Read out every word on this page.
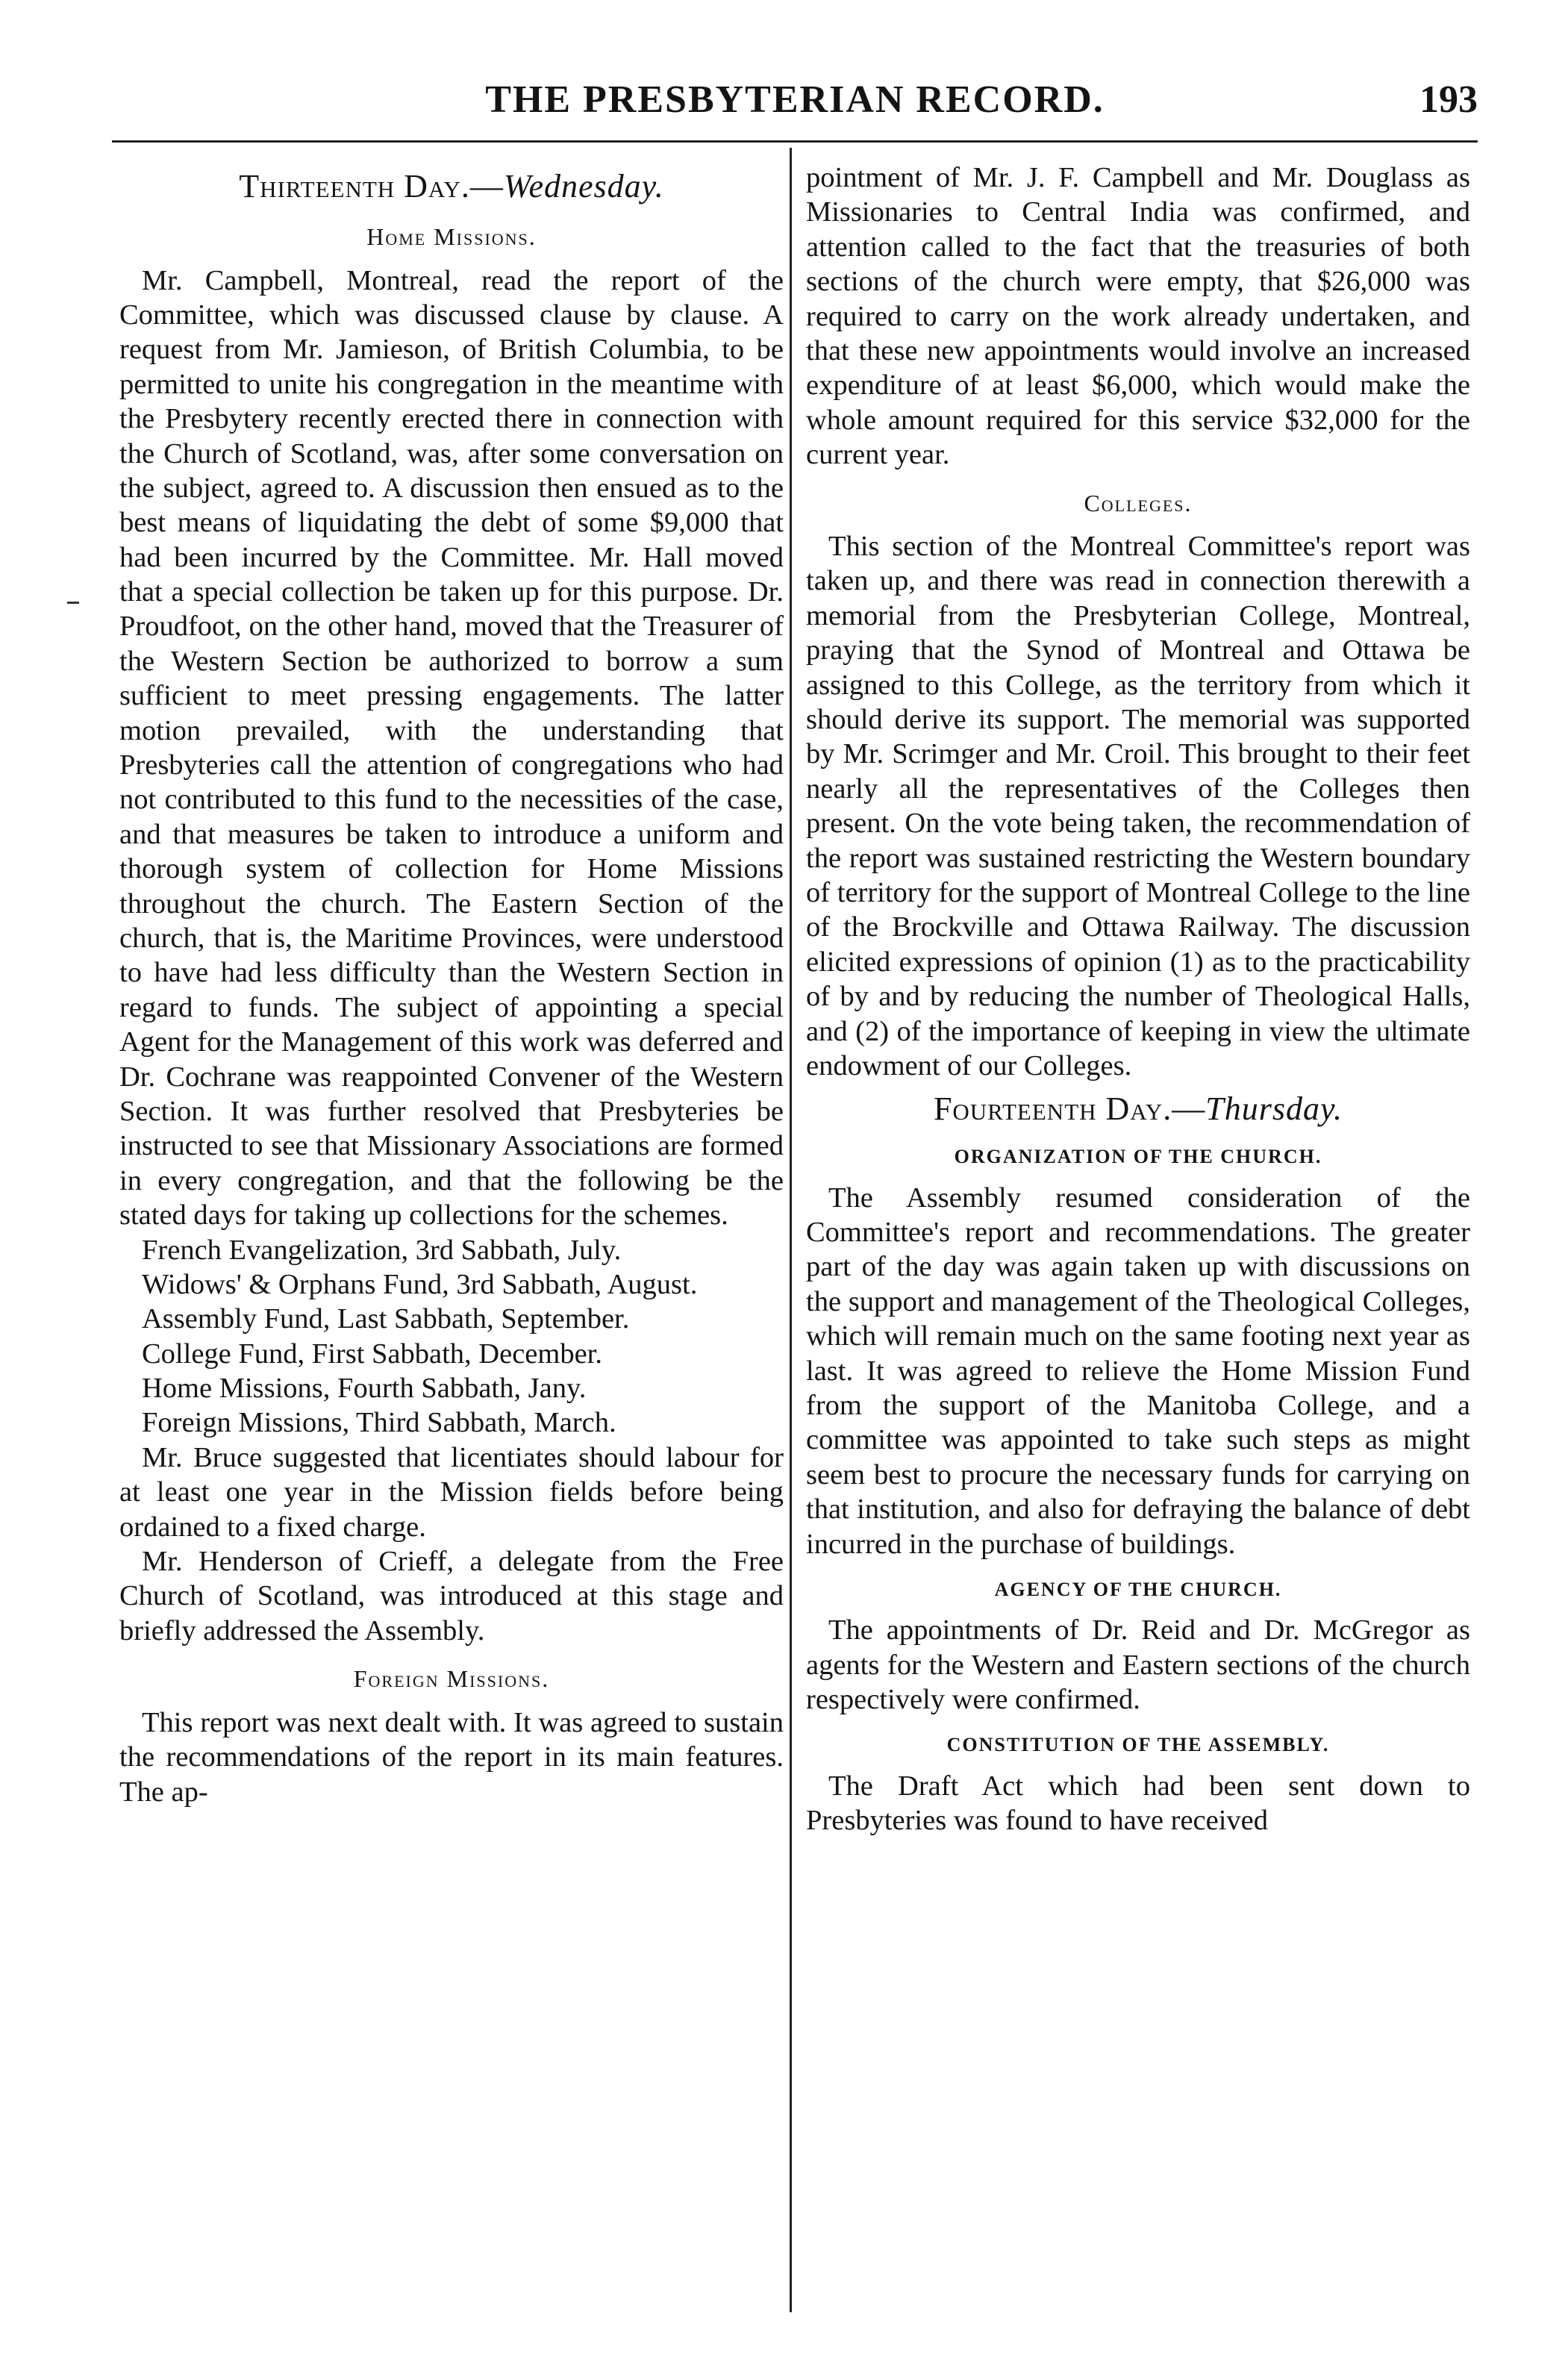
THE PRESBYTERIAN RECORD.	193
Thirteenth Day.—Wednesday.
Home Missions.

Mr. Campbell, Montreal, read the report of the Committee, which was discussed clause by clause. A request from Mr. Jamieson, of British Columbia, to be permitted to unite his congregation in the meantime with the Presbytery recently erected there in connection with the Church of Scotland, was, after some conversation on the subject, agreed to. A discussion then ensued as to the best means of liquidating the debt of some $9,000 that had been incurred by the Committee. Mr. Hall moved that a special collection be taken up for this purpose. Dr. Proudfoot, on the other hand, moved that the Treasurer of the Western Section be authorized to borrow a sum sufficient to meet pressing engagements. The latter motion prevailed, with the understanding that Presbyteries call the attention of congregations who had not contributed to this fund to the necessities of the case, and that measures be taken to introduce a uniform and thorough system of collection for Home Missions throughout the church. The Eastern Section of the church, that is, the Maritime Provinces, were understood to have had less difficulty than the Western Section in regard to funds. The subject of appointing a special Agent for the Management of this work was deferred and Dr. Cochrane was reappointed Convener of the Western Section. It was further resolved that Presbyteries be instructed to see that Missionary Associations are formed in every congregation, and that the following be the stated days for taking up collections for the schemes.

French Evangelization, 3rd Sabbath, July.

Widows' & Orphans Fund, 3rd Sabbath, August.

Assembly Fund, Last Sabbath, September.

College Fund, First Sabbath, December.

Home Missions, Fourth Sabbath, Jany.

Foreign Missions, Third Sabbath, March.

Mr. Bruce suggested that licentiates should labour for at least one year in the Mission fields before being ordained to a fixed charge.

Mr. Henderson of Crieff, a delegate from the Free Church of Scotland, was introduced at this stage and briefly addressed the Assembly.

Foreign Missions.

This report was next dealt with. It was agreed to sustain the recommendations of the report in its main features. The ap-

pointment of Mr. J. F. Campbell and Mr. Douglass as Missionaries to Central India was confirmed, and attention called to the fact that the treasuries of both sections of the church were empty, that $26,000 was required to carry on the work already undertaken, and that these new appointments would involve an increased expenditure of at least $6,000, which would make the whole amount required for this service $32,000 for the current year.

Colleges.

This section of the Montreal Committee's report was taken up, and there was read in connection therewith a memorial from the Presbyterian College, Montreal, praying that the Synod of Montreal and Ottawa be assigned to this College, as the territory from which it should derive its support. The memorial was supported by Mr. Scrimger and Mr. Croil. This brought to their feet nearly all the representatives of the Colleges then present. On the vote being taken, the recommendation of the report was sustained restricting the Western boundary of territory for the support of Montreal College to the line of the Brockville and Ottawa Railway. The discussion elicited expressions of opinion (1) as to the practicability of by and by reducing the number of Theological Halls, and (2) of the importance of keeping in view the ultimate endowment of our Colleges.

Fourteenth Day.—Thursday.
ORGANIZATION OF THE CHURCH.

The Assembly resumed consideration of the Committee's report and recommendations. The greater part of the day was again taken up with discussions on the support and management of the Theological Colleges, which will remain much on the same footing next year as last. It was agreed to relieve the Home Mission Fund from the support of the Manitoba College, and a committee was appointed to take such steps as might seem best to procure the necessary funds for carrying on that institution, and also for defraying the balance of debt incurred in the purchase of buildings.

AGENCY OF THE CHURCH.

The appointments of Dr. Reid and Dr. McGregor as agents for the Western and Eastern sections of the church respectively were confirmed.

CONSTITUTION OF THE ASSEMBLY.

The Draft Act which had been sent down to Presbyteries was found to have received
